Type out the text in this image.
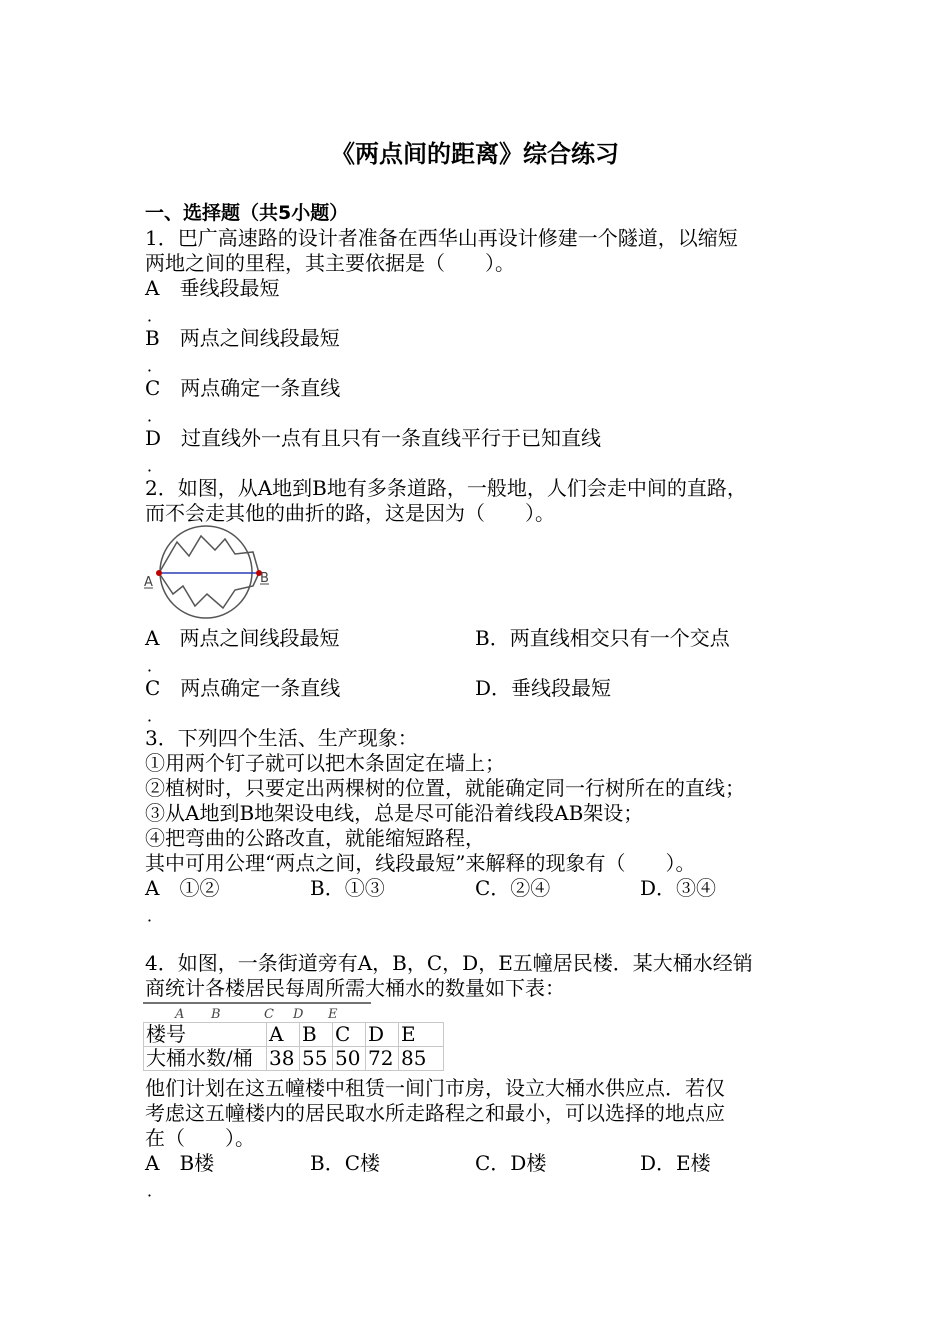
《两点间的距离》综合练习
一、选择题（共5小题）
1．巴广高速路的设计者准备在西华山再设计修建一个隧道，以缩短
两地之间的里程，其主要依据是（　　）。
A　垂线段最短
．
B　两点之间线段最短
．
C　两点确定一条直线
．
D　过直线外一点有且只有一条直线平行于已知直线
．
2．如图，从A地到B地有多条道路，一般地，人们会走中间的直路，
而不会走其他的曲折的路，这是因为（　　）。
A	B
A　两点之间线段最短	B．两直线相交只有一个交点
．
C　两点确定一条直线	D．垂线段最短
．
3．下列四个生活、生产现象：
①用两个钉子就可以把木条固定在墙上；
②植树时，只要定出两棵树的位置，就能确定同一行树所在的直线；
③从A地到B地架设电线，总是尽可能沿着线段AB架设；
④把弯曲的公路改直，就能缩短路程，
其中可用公理“两点之间，线段最短”来解释的现象有（　　）。
A　①②	B．①③	C．②④	D．③④
．
4．如图，一条街道旁有A，B，C，D，E五幢居民楼．某大桶水经销
商统计各楼居民每周所需大桶水的数量如下表：
A B	C D E
楼号	A	B	C	D	E
大桶水数/桶	38	55	50	72	85
他们计划在这五幢楼中租赁一间门市房，设立大桶水供应点．若仅
考虑这五幢楼内的居民取水所走路程之和最小，可以选择的地点应
在（　　）。
A　B楼	B．C楼	C．D楼	D．E楼
．
